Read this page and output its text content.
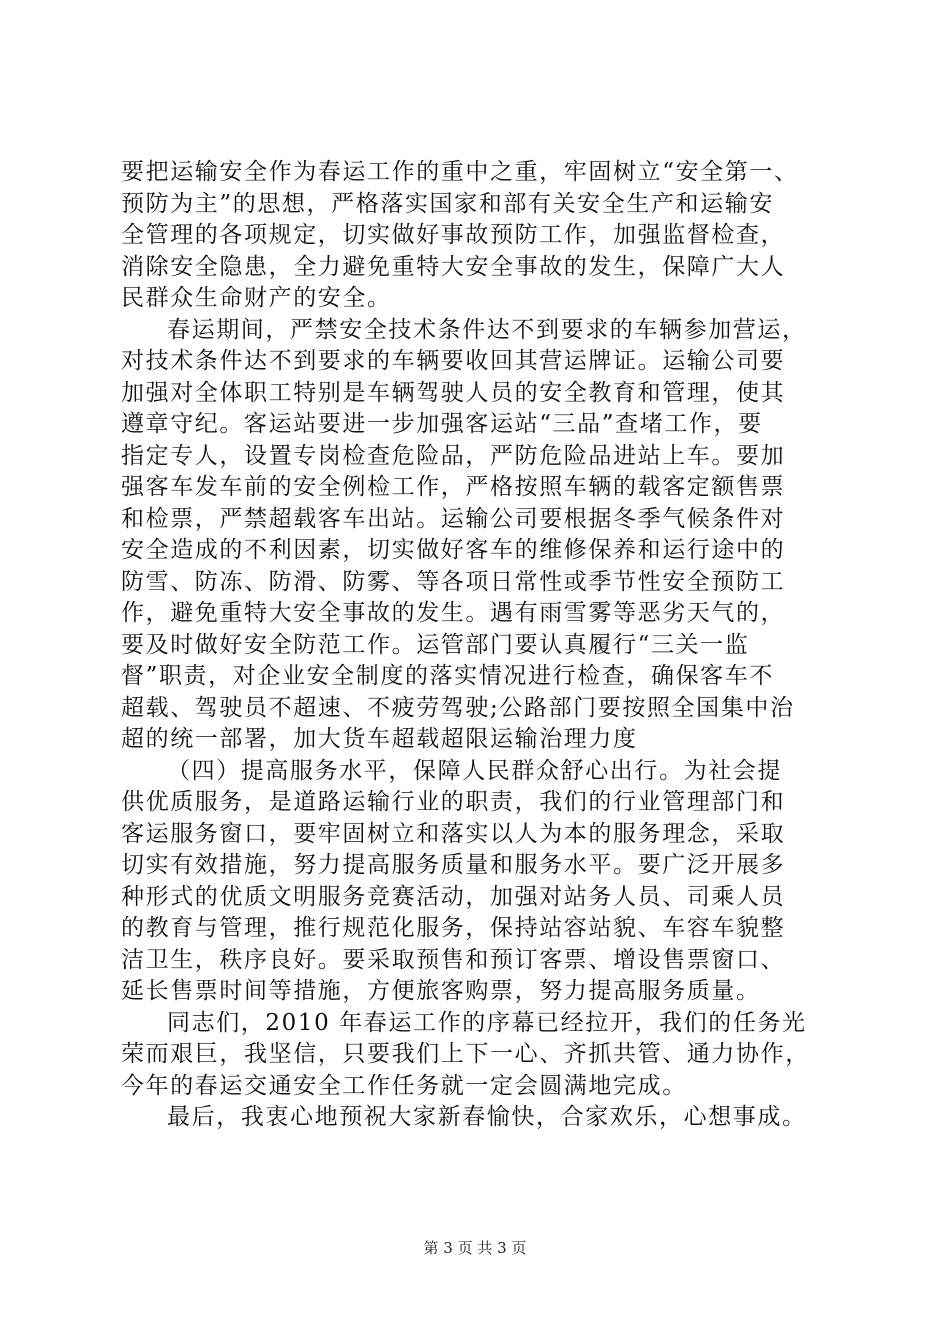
要把运输安全作为春运工作的重中之重，牢固树立“安全第一、
预防为主”的思想，严格落实国家和部有关安全生产和运输安
全管理的各项规定，切实做好事故预防工作，加强监督检查，
消除安全隐患，全力避免重特大安全事故的发生，保障广大人
民群众生命财产的安全。
春运期间，严禁安全技术条件达不到要求的车辆参加营运，
对技术条件达不到要求的车辆要收回其营运牌证。运输公司要
加强对全体职工特别是车辆驾驶人员的安全教育和管理，使其
遵章守纪。客运站要进一步加强客运站“三品”查堵工作，要
指定专人，设置专岗检查危险品，严防危险品进站上车。要加
强客车发车前的安全例检工作，严格按照车辆的载客定额售票
和检票，严禁超载客车出站。运输公司要根据冬季气候条件对
安全造成的不利因素，切实做好客车的维修保养和运行途中的
防雪、防冻、防滑、防雾、等各项日常性或季节性安全预防工
作，避免重特大安全事故的发生。遇有雨雪雾等恶劣天气的，
要及时做好安全防范工作。运管部门要认真履行“三关一监
督”职责，对企业安全制度的落实情况进行检查，确保客车不
超载、驾驶员不超速、不疲劳驾驶;公路部门要按照全国集中治
超的统一部署，加大货车超载超限运输治理力度
（四）提高服务水平，保障人民群众舒心出行。为社会提
供优质服务，是道路运输行业的职责，我们的行业管理部门和
客运服务窗口，要牢固树立和落实以人为本的服务理念，采取
切实有效措施，努力提高服务质量和服务水平。要广泛开展多
种形式的优质文明服务竞赛活动，加强对站务人员、司乘人员
的教育与管理，推行规范化服务，保持站容站貌、车容车貌整
洁卫生，秩序良好。要采取预售和预订客票、增设售票窗口、
延长售票时间等措施，方便旅客购票，努力提高服务质量。
同志们，2010 年春运工作的序幕已经拉开，我们的任务光
荣而艰巨，我坚信，只要我们上下一心、齐抓共管、通力协作，
今年的春运交通安全工作任务就一定会圆满地完成。
最后，我衷心地预祝大家新春愉快，合家欢乐，心想事成。
第 3 页 共 3 页
